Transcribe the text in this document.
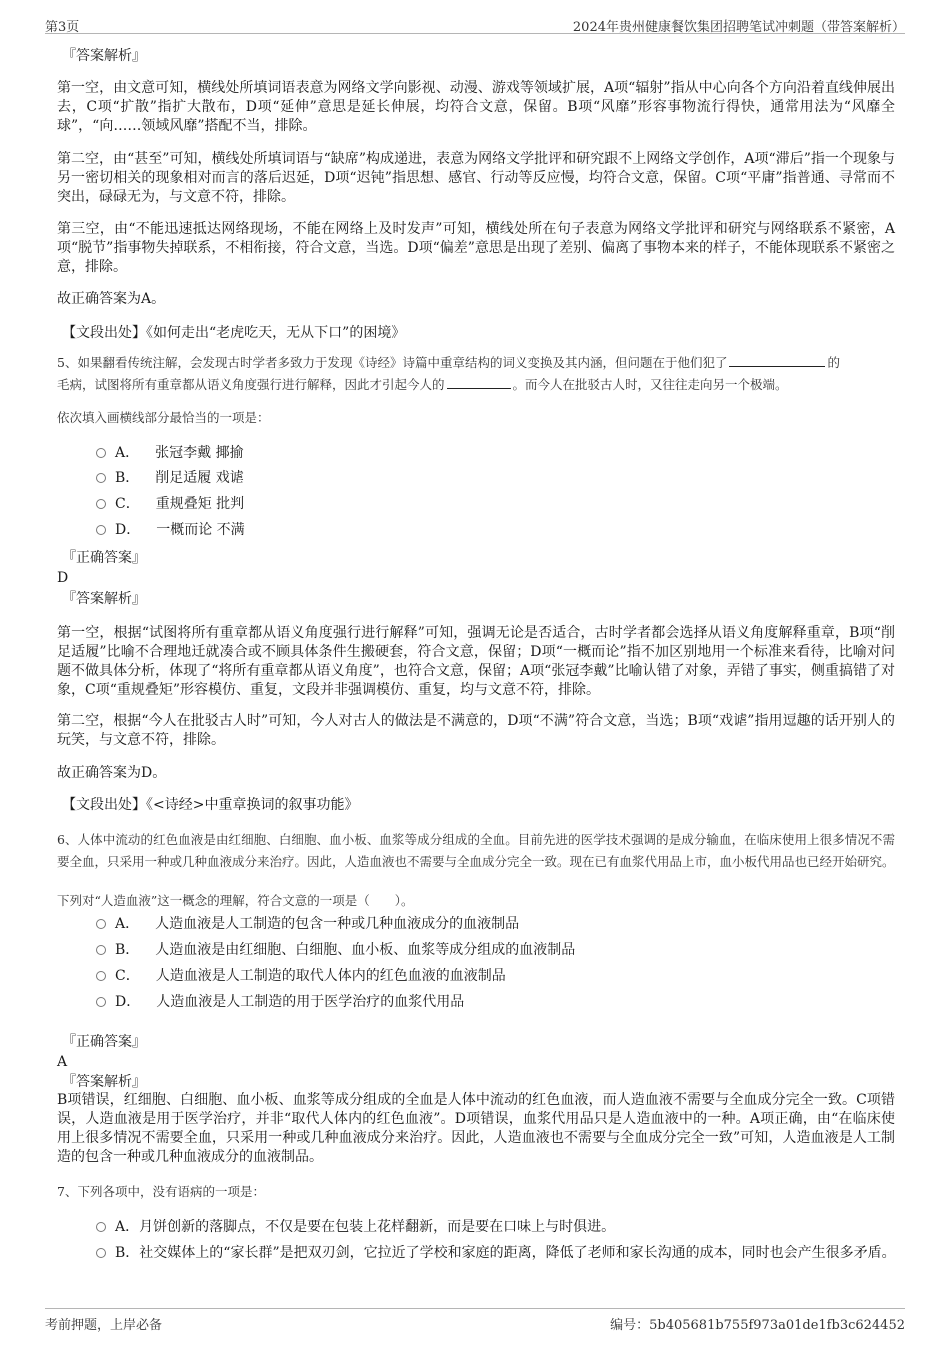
第3页	2024年贵州健康餐饮集团招聘笔试冲刺题（带答案解析）
『答案解析』
第一空，由文意可知，横线处所填词语表意为网络文学向影视、动漫、游戏等领域扩展，A项“辐射”指从中心向各个方向沿着直线伸展出去，C项“扩散”指扩大散布，D项“延伸”意思是延长伸展，均符合文意，保留。B项“风靡”形容事物流行得快，通常用法为“风靡全球”，“向……领域风靡”搭配不当，排除。
第二空，由“甚至”可知，横线处所填词语与“缺席”构成递进，表意为网络文学批评和研究跟不上网络文学创作，A项“滞后”指一个现象与另一密切相关的现象相对而言的落后迟延，D项“迟钝”指思想、感官、行动等反应慢，均符合文意，保留。C项“平庸”指普通、寻常而不突出，碌碌无为，与文意不符，排除。
第三空，由“不能迅速抵达网络现场，不能在网络上及时发声”可知，横线处所在句子表意为网络文学批评和研究与网络联系不紧密，A项“脱节”指事物失掉联系，不相衔接，符合文意，当选。D项“偏差”意思是出现了差别、偏离了事物本来的样子，不能体现联系不紧密之意，排除。
故正确答案为A。
【文段出处】《如何走出“老虎吃天，无从下口”的困境》
5、如果翻看传统注解，会发现古时学者多致力于发现《诗经》诗篇中重章结构的词义变换及其内涵，但问题在于他们犯了	的
毛病，试图将所有重章都从语义角度强行进行解释，因此才引起今人的	。而今人在批驳古人时，又往往走向另一个极端。
依次填入画横线部分最恰当的一项是：
A． 张冠李戴 揶揄
B． 削足适履 戏谑
C． 重规叠矩 批判
D． 一概而论 不满
『正确答案』
D
『答案解析』
第一空，根据“试图将所有重章都从语义角度强行进行解释”可知，强调无论是否适合，古时学者都会选择从语义角度解释重章，B项“削足适履”比喻不合理地迁就凑合或不顾具体条件生搬硬套，符合文意，保留；D项“一概而论”指不加区别地用一个标准来看待，比喻对问题不做具体分析，体现了“将所有重章都从语义角度”，也符合文意，保留；A项“张冠李戴”比喻认错了对象，弄错了事实，侧重搞错了对象，C项“重规叠矩”形容模仿、重复，文段并非强调模仿、重复，均与文意不符，排除。
第二空，根据“今人在批驳古人时”可知，今人对古人的做法是不满意的，D项“不满”符合文意，当选；B项“戏谑”指用逗趣的话开别人的玩笑，与文意不符，排除。
故正确答案为D。
【文段出处】《<诗经>中重章换词的叙事功能》
6、人体中流动的红色血液是由红细胞、白细胞、血小板、血浆等成分组成的全血。目前先进的医学技术强调的是成分输血，在临床使用上很多情况不需要全血，只采用一种或几种血液成分来治疗。因此，人造血液也不需要与全血成分完全一致。现在已有血浆代用品上市，血小板代用品也已经开始研究。
下列对“人造血液”这一概念的理解，符合文意的一项是（　　）。
A． 人造血液是人工制造的包含一种或几种血液成分的血液制品
B． 人造血液是由红细胞、白细胞、血小板、血浆等成分组成的血液制品
C． 人造血液是人工制造的取代人体内的红色血液的血液制品
D． 人造血液是人工制造的用于医学治疗的血浆代用品
『正确答案』
A
『答案解析』
B项错误，红细胞、白细胞、血小板、血浆等成分组成的全血是人体中流动的红色血液，而人造血液不需要与全血成分完全一致。C项错误，人造血液是用于医学治疗，并非“取代人体内的红色血液”。D项错误，血浆代用品只是人造血液中的一种。A项正确，由“在临床使用上很多情况不需要全血，只采用一种或几种血液成分来治疗。因此，人造血液也不需要与全血成分完全一致”可知，人造血液是人工制造的包含一种或几种血液成分的血液制品。
7、下列各项中，没有语病的一项是：
A．月饼创新的落脚点，不仅是要在包装上花样翻新，而是要在口味上与时俱进。
B．社交媒体上的“家长群”是把双刃剑，它拉近了学校和家庭的距离，降低了老师和家长沟通的成本，同时也会产生很多矛盾。
考前押题，上岸必备	编号：5b405681b755f973a01de1fb3c624452
